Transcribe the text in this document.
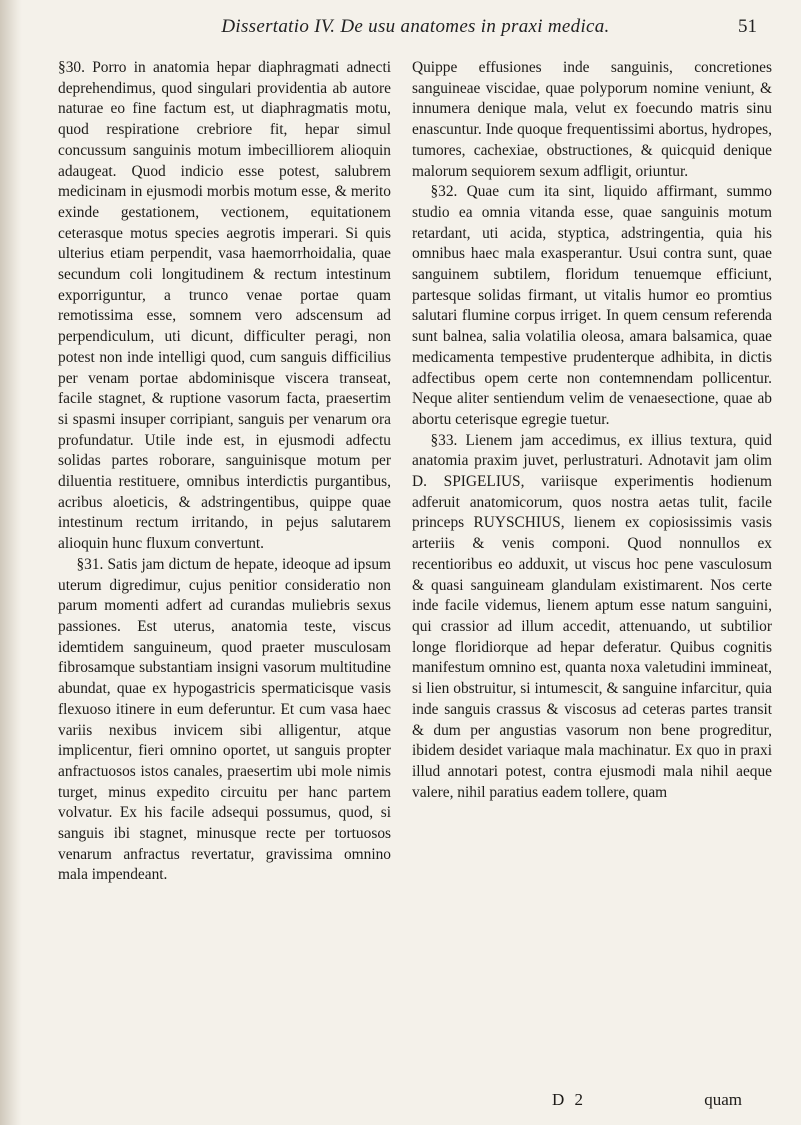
Dissertatio IV. De usu anatomes in praxi medica.	51

§30. Porro in anatomia hepar diaphragmati adnecti deprehendimus, quod singulari providentia ab autore naturae eo fine factum est, ut diaphragmatis motu, quod respiratione crebriore fit, hepar simul concussum sanguinis motum imbecilliorem alioquin adaugeat. Quod indicio esse potest, salubrem medicinam in ejusmodi morbis motum esse, & merito exinde gestationem, vectionem, equitationem ceterasque motus species aegrotis imperari. Si quis ulterius etiam perpendit, vasa haemorrhoidalia, quae secundum coli longitudinem & rectum intestinum exporriguntur, a trunco venae portae quam remotissima esse, somnem vero adscensum ad perpendiculum, uti dicunt, difficulter peragi, non potest non inde intelligi quod, cum sanguis difficilius per venam portae abdominisque viscera transeat, facile stagnet, & ruptione vasorum facta, praesertim si spasmi insuper corripiant, sanguis per venarum ora profundatur. Utile inde est, in ejusmodi adfectu solidas partes roborare, sanguinisque motum per diluentia restituere, omnibus interdictis purgantibus, acribus aloeticis, & adstringentibus, quippe quae intestinum rectum irritando, in pejus salutarem alioquin hunc fluxum convertunt.

§31. Satis jam dictum de hepate, ideoque ad ipsum uterum digredimur, cujus penitior consideratio non parum momenti adfert ad curandas muliebris sexus passiones. Est uterus, anatomia teste, viscus idemtidem sanguineum, quod praeter musculosam fibrosamque substantiam insigni vasorum multitudine abundat, quae ex hypogastricis spermaticisque vasis flexuoso itinere in eum deferuntur. Et cum vasa haec variis nexibus invicem sibi alligentur, atque implicentur, fieri omnino oportet, ut sanguis propter anfractuosos istos canales, praesertim ubi mole nimis turget, minus expedito circuitu per hanc partem volvatur. Ex his facile adsequi possumus, quod, si sanguis ibi stagnet, minusque recte per tortuosos venarum anfractus revertatur, gravissima omnino mala impendeant.

Quippe effusiones inde sanguinis, concretiones sanguineae viscidae, quae polyporum nomine veniunt, & innumera denique mala, velut ex foecundo matris sinu enascuntur. Inde quoque frequentissimi abortus, hydropes, tumores, cachexiae, obstructiones, & quicquid denique malorum sequiorem sexum adfligit, oriuntur.

§32. Quae cum ita sint, liquido affirmant, summo studio ea omnia vitanda esse, quae sanguinis motum retardant, uti acida, styptica, adstringentia, quia his omnibus haec mala exasperantur. Usui contra sunt, quae sanguinem subtilem, floridum tenuemque efficiunt, partesque solidas firmant, ut vitalis humor eo promtius salutari flumine corpus irriget. In quem censum referenda sunt balnea, salia volatilia oleosa, amara balsamica, quae medicamenta tempestive prudenterque adhibita, in dictis adfectibus opem certe non contemnendam pollicentur. Neque aliter sentiendum velim de venaesectione, quae ab abortu ceterisque egregie tuetur.

§33. Lienem jam accedimus, ex illius textura, quid anatomia praxim juvet, perlustraturi. Adnotavit jam olim D. SPIGELIUS, variisque experimentis hodienum adferuit anatomicorum, quos nostra aetas tulit, facile princeps RUYSCHIUS, lienem ex copiosissimis vasis arteriis & venis componi. Quod nonnullos ex recentioribus eo adduxit, ut viscus hoc pene vasculosum & quasi sanguineam glandulam existimarent. Nos certe inde facile videmus, lienem aptum esse natum sanguini, qui crassior ad illum accedit, attenuando, ut subtilior longe floridiorque ad hepar deferatur. Quibus cognitis manifestum omnino est, quanta noxa valetudini immineat, si lien obstruitur, si intumescit, & sanguine infarcitur, quia inde sanguis crassus & viscosus ad ceteras partes transit & dum per angustias vasorum non bene progreditur, ibidem desidet variaque mala machinatur. Ex quo in praxi illud annotari potest, contra ejusmodi mala nihil aeque valere, nihil paratius eadem tollere, quam

D 2	quam
